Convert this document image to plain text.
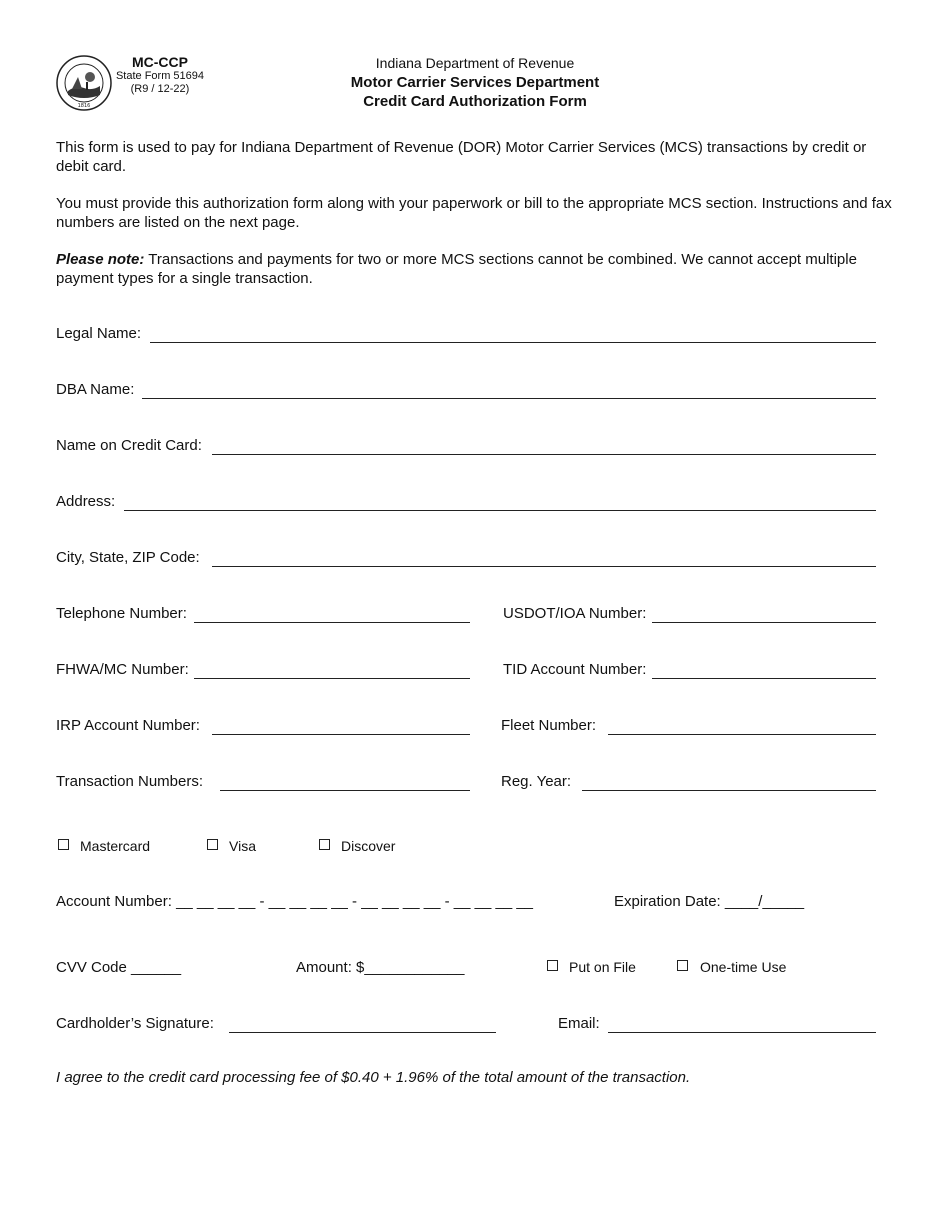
1816
MC-CCP
State Form 51694
(R9 / 12-22)
Indiana Department of Revenue
Motor Carrier Services Department
Credit Card Authorization Form
This form is used to pay for Indiana Department of Revenue (DOR) Motor Carrier Services (MCS) transactions by credit or debit card.
You must provide this authorization form along with your paperwork or bill to the appropriate MCS section. Instructions and fax numbers are listed on the next page.
Please note: Transactions and payments for two or more MCS sections cannot be combined. We cannot accept multiple payment types for a single transaction.
Legal Name:
DBA Name:
Name on Credit Card:
Address:
City, State, ZIP Code:
Telephone Number:	USDOT/IOA Number:
FHWA/MC Number:	TID Account Number:
IRP Account Number:	Fleet Number:
Transaction Numbers:	Reg. Year:
Mastercard	Visa	Discover
Account Number: __ __ __ __ - __ __ __ __ - __ __ __ __ - __ __ __ __	Expiration Date: ____/_____
CVV Code ______	Amount: $____________	Put on File	One-time Use
Cardholder’s Signature:	Email:
I agree to the credit card processing fee of $0.40 + 1.96% of the total amount of the transaction.
